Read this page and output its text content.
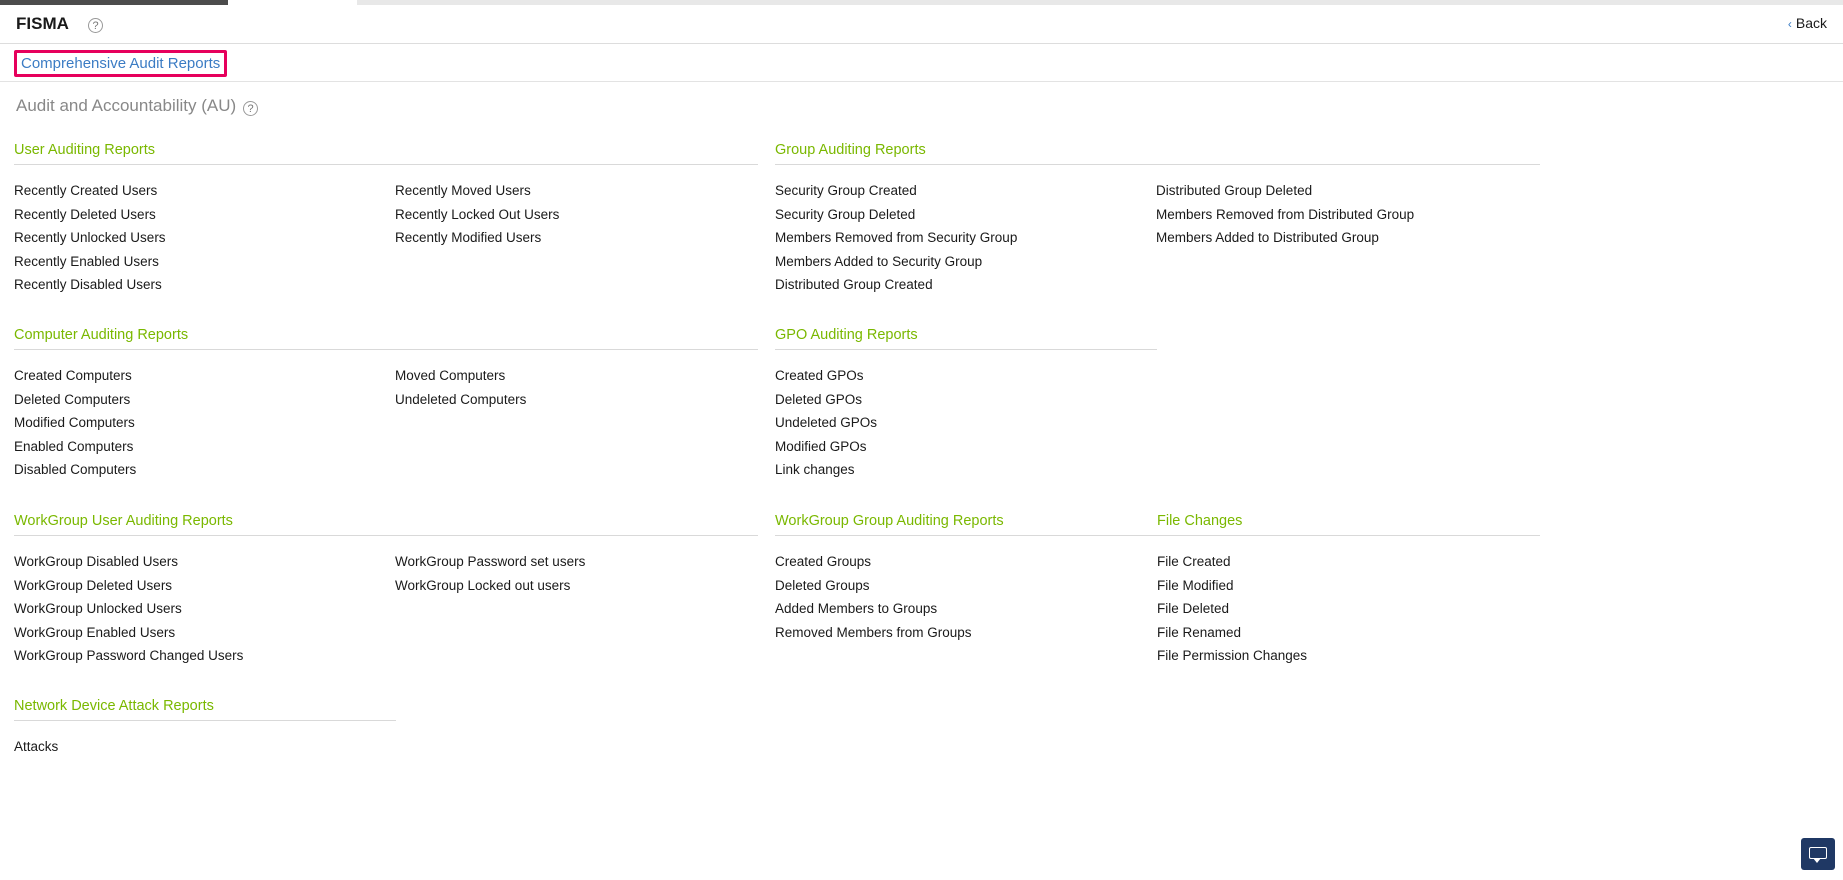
FISMA	?	‹ Back
Comprehensive Audit Reports
Audit and Accountability (AU)	?
User Auditing Reports
Recently Created Users
Recently Deleted Users
Recently Unlocked Users
Recently Enabled Users
Recently Disabled Users
Recently Moved Users
Recently Locked Out Users
Recently Modified Users
Group Auditing Reports
Security Group Created
Security Group Deleted
Members Removed from Security Group
Members Added to Security Group
Distributed Group Created
Distributed Group Deleted
Members Removed from Distributed Group
Members Added to Distributed Group
Computer Auditing Reports
Created Computers
Deleted Computers
Modified Computers
Enabled Computers
Disabled Computers
Moved Computers
Undeleted Computers
GPO Auditing Reports
Created GPOs
Deleted GPOs
Undeleted GPOs
Modified GPOs
Link changes
WorkGroup User Auditing Reports
WorkGroup Disabled Users
WorkGroup Deleted Users
WorkGroup Unlocked Users
WorkGroup Enabled Users
WorkGroup Password Changed Users
WorkGroup Password set users
WorkGroup Locked out users
WorkGroup Group Auditing Reports
Created Groups
Deleted Groups
Added Members to Groups
Removed Members from Groups
File Changes
File Created
File Modified
File Deleted
File Renamed
File Permission Changes
Network Device Attack Reports
Attacks
